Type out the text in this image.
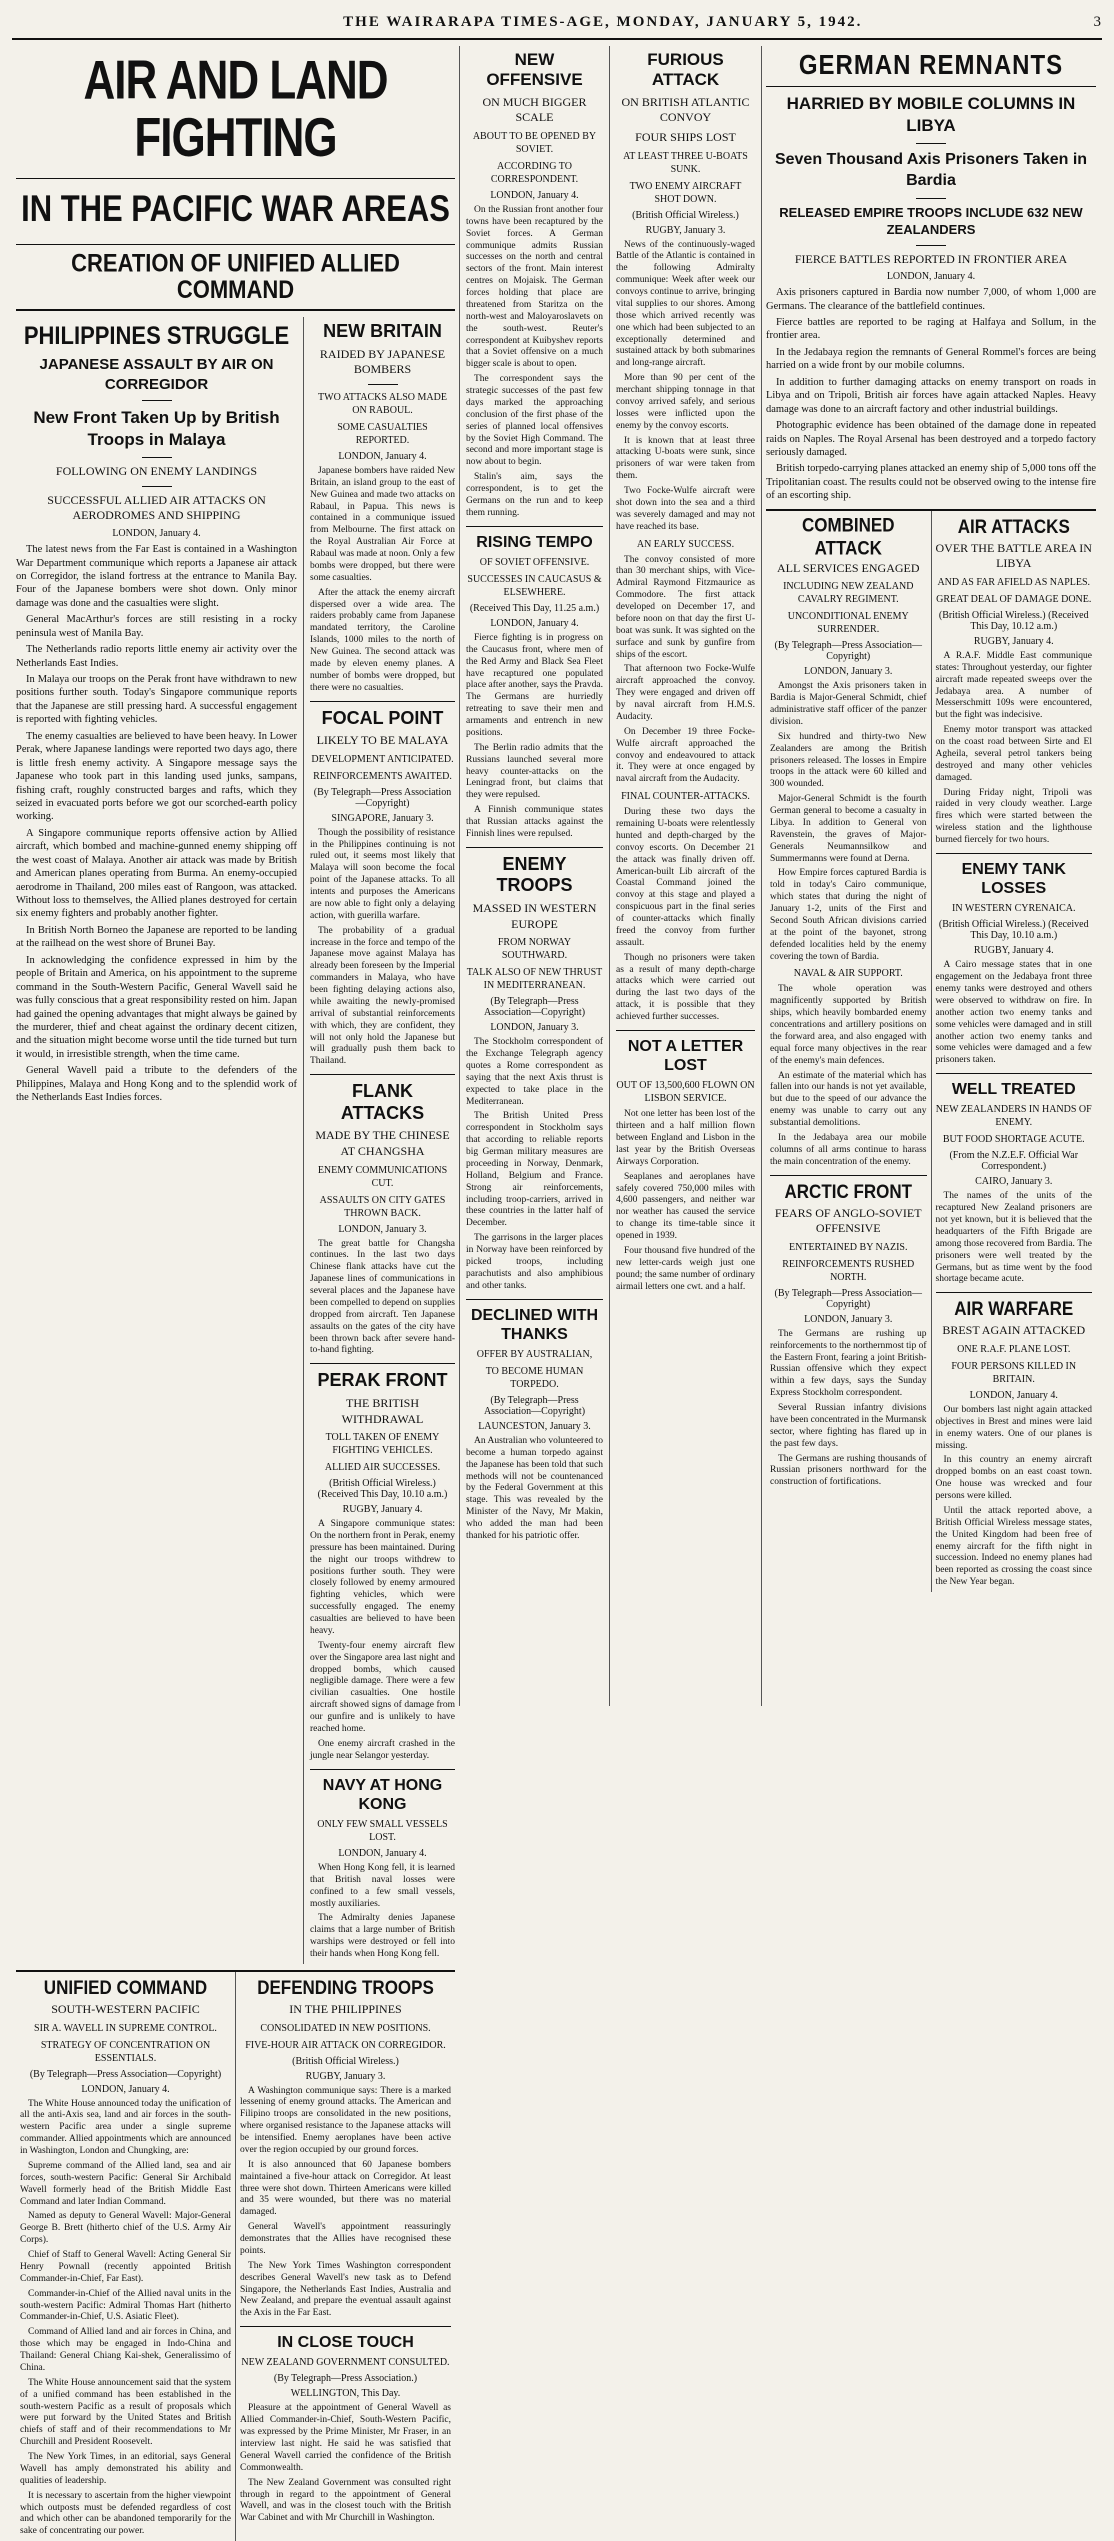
THE WAIRARAPA TIMES-AGE, MONDAY, JANUARY 5, 1942.	3
AIR AND LAND FIGHTING
IN THE PACIFIC WAR AREAS
CREATION OF UNIFIED ALLIED COMMAND
PHILIPPINES STRUGGLE
JAPANESE ASSAULT BY AIR ON CORREGIDOR
New Front Taken Up by British Troops in Malaya
FOLLOWING ON ENEMY LANDINGS
SUCCESSFUL ALLIED AIR ATTACKS ON AERODROMES AND SHIPPING
LONDON, January 4.

The latest news from the Far East is contained in a Washington War Department communique which reports a Japanese air attack on Corregidor, the island fortress at the entrance to Manila Bay. Four of the Japanese bombers were shot down. Only minor damage was done and the casualties were slight.

General MacArthur's forces are still resisting in a rocky peninsula west of Manila Bay.

The Netherlands radio reports little enemy air activity over the Netherlands East Indies.

In Malaya our troops on the Perak front have withdrawn to new positions further south. Today's Singapore communique reports that the Japanese are still pressing hard. A successful engagement is reported with fighting vehicles.

The enemy casualties are believed to have been heavy. In Lower Perak, where Japanese landings were reported two days ago, there is little fresh enemy activity. A Singapore message says the Japanese who took part in this landing used junks, sampans, fishing craft, roughly constructed barges and rafts, which they seized in evacuated ports before we got our scorched-earth policy working.

A Singapore communique reports offensive action by Allied aircraft, which bombed and machine-gunned enemy shipping off the west coast of Malaya. Another air attack was made by British and American planes operating from Burma. An enemy-occupied aerodrome in Thailand, 200 miles east of Rangoon, was attacked. Without loss to themselves, the Allied planes destroyed for certain six enemy fighters and probably another fighter.

In British North Borneo the Japanese are reported to be landing at the railhead on the west shore of Brunei Bay.

In acknowledging the confidence expressed in him by the people of Britain and America, on his appointment to the supreme command in the South-Western Pacific, General Wavell said he was fully conscious that a great responsibility rested on him. Japan had gained the opening advantages that might always be gained by the murderer, thief and cheat against the ordinary decent citizen, and the situation might become worse until the tide turned but turn it would, in irresistible strength, when the time came.

General Wavell paid a tribute to the defenders of the Philippines, Malaya and Hong Kong and to the splendid work of the Netherlands East Indies forces.

NEW BRITAIN
RAIDED BY JAPANESE BOMBERS
TWO ATTACKS ALSO MADE ON RABOUL.
SOME CASUALTIES REPORTED.
LONDON, January 4.

Japanese bombers have raided New Britain, an island group to the east of New Guinea and made two attacks on Rabaul, in Papua. This news is contained in a communique issued from Melbourne. The first attack on the Royal Australian Air Force at Rabaul was made at noon. Only a few bombs were dropped, but there were some casualties.

After the attack the enemy aircraft dispersed over a wide area. The raiders probably came from Japanese mandated territory, the Caroline Islands, 1000 miles to the north of New Guinea. The second attack was made by eleven enemy planes. A number of bombs were dropped, but there were no casualties.

FOCAL POINT
LIKELY TO BE MALAYA
DEVELOPMENT ANTICIPATED.
REINFORCEMENTS AWAITED.
(By Telegraph—Press Association—Copyright)
SINGAPORE, January 3.

Though the possibility of resistance in the Philippines continuing is not ruled out, it seems most likely that Malaya will soon become the focal point of the Japanese attacks. To all intents and purposes the Americans are now able to fight only a delaying action, with guerilla warfare.

The probability of a gradual increase in the force and tempo of the Japanese move against Malaya has already been foreseen by the Imperial commanders in Malaya, who have been fighting delaying actions also, while awaiting the newly-promised arrival of substantial reinforcements with which, they are confident, they will not only hold the Japanese but will gradually push them back to Thailand.

FLANK ATTACKS
MADE BY THE CHINESE AT CHANGSHA
ENEMY COMMUNICATIONS CUT.
ASSAULTS ON CITY GATES THROWN BACK.
LONDON, January 3.

The great battle for Changsha continues. In the last two days Chinese flank attacks have cut the Japanese lines of communications in several places and the Japanese have been compelled to depend on supplies dropped from aircraft. Ten Japanese assaults on the gates of the city have been thrown back after severe hand-to-hand fighting.

PERAK FRONT
THE BRITISH WITHDRAWAL
TOLL TAKEN OF ENEMY FIGHTING VEHICLES.
ALLIED AIR SUCCESSES.
(British Official Wireless.) (Received This Day, 10.10 a.m.)
RUGBY, January 4.

A Singapore communique states: On the northern front in Perak, enemy pressure has been maintained. During the night our troops withdrew to positions further south. They were closely followed by enemy armoured fighting vehicles, which were successfully engaged. The enemy casualties are believed to have been heavy.

Twenty-four enemy aircraft flew over the Singapore area last night and dropped bombs, which caused negligible damage. There were a few civilian casualties. One hostile aircraft showed signs of damage from our gunfire and is unlikely to have reached home.

One enemy aircraft crashed in the jungle near Selangor yesterday.

NAVY AT HONG KONG
ONLY FEW SMALL VESSELS LOST.
LONDON, January 4.

When Hong Kong fell, it is learned that British naval losses were confined to a few small vessels, mostly auxiliaries.

The Admiralty denies Japanese claims that a large number of British warships were destroyed or fell into their hands when Hong Kong fell.

UNIFIED COMMAND
SOUTH-WESTERN PACIFIC
SIR A. WAVELL IN SUPREME CONTROL.
STRATEGY OF CONCENTRATION ON ESSENTIALS.
(By Telegraph—Press Association—Copyright)
LONDON, January 4.

The White House announced today the unification of all the anti-Axis sea, land and air forces in the south-western Pacific area under a single supreme commander. Allied appointments which are announced in Washington, London and Chungking, are:

Supreme command of the Allied land, sea and air forces, south-western Pacific: General Sir Archibald Wavell formerly head of the British Middle East Command and later Indian Command.

Named as deputy to General Wavell: Major-General George B. Brett (hitherto chief of the U.S. Army Air Corps).

Chief of Staff to General Wavell: Acting General Sir Henry Pownall (recently appointed British Commander-in-Chief, Far East).

Commander-in-Chief of the Allied naval units in the south-western Pacific: Admiral Thomas Hart (hitherto Commander-in-Chief, U.S. Asiatic Fleet).

Command of Allied land and air forces in China, and those which may be engaged in Indo-China and Thailand: General Chiang Kai-shek, Generalissimo of China.

The White House announcement said that the system of a unified command has been established in the south-western Pacific as a result of proposals which were put forward by the United States and British chiefs of staff and of their recommendations to Mr Churchill and President Roosevelt.

The New York Times, in an editorial, says General Wavell has amply demonstrated his ability and qualities of leadership.

It is necessary to ascertain from the higher viewpoint which outposts must be defended regardless of cost and which other can be abandoned temporarily for the sake of concentrating our power.

DEFENDING TROOPS
IN THE PHILIPPINES
CONSOLIDATED IN NEW POSITIONS.
FIVE-HOUR AIR ATTACK ON CORREGIDOR.
(British Official Wireless.)
RUGBY, January 3.

A Washington communique says: There is a marked lessening of enemy ground attacks. The American and Filipino troops are consolidated in the new positions, where organised resistance to the Japanese attacks will be intensified. Enemy aeroplanes have been active over the region occupied by our ground forces.

It is also announced that 60 Japanese bombers maintained a five-hour attack on Corregidor. At least three were shot down. Thirteen Americans were killed and 35 were wounded, but there was no material damaged.

General Wavell's appointment reassuringly demonstrates that the Allies have recognised these points.

The New York Times Washington correspondent describes General Wavell's new task as to Defend Singapore, the Netherlands East Indies, Australia and New Zealand, and prepare the eventual assault against the Axis in the Far East.

IN CLOSE TOUCH
NEW ZEALAND GOVERNMENT CONSULTED.
(By Telegraph—Press Association.)
WELLINGTON, This Day.

Pleasure at the appointment of General Wavell as Allied Commander-in-Chief, South-Western Pacific, was expressed by the Prime Minister, Mr Fraser, in an interview last night. He said he was satisfied that General Wavell carried the confidence of the British Commonwealth.

The New Zealand Government was consulted right through in regard to the appointment of General Wavell, and was in the closest touch with the British War Cabinet and with Mr Churchill in Washington.

NEW OFFENSIVE
ON MUCH BIGGER SCALE
ABOUT TO BE OPENED BY SOVIET.
ACCORDING TO CORRESPONDENT.
LONDON, January 4.

On the Russian front another four towns have been recaptured by the Soviet forces. A German communique admits Russian successes on the north and central sectors of the front. Main interest centres on Mojaisk. The German forces holding that place are threatened from Staritza on the north-west and Maloyaroslavets on the south-west. Reuter's correspondent at Kuibyshev reports that a Soviet offensive on a much bigger scale is about to open.

The correspondent says the strategic successes of the past few days marked the approaching conclusion of the first phase of the series of planned local offensives by the Soviet High Command. The second and more important stage is now about to begin.

Stalin's aim, says the correspondent, is to get the Germans on the run and to keep them running.

RISING TEMPO
OF SOVIET OFFENSIVE.
SUCCESSES IN CAUCASUS & ELSEWHERE.
(Received This Day, 11.25 a.m.)
LONDON, January 4.

Fierce fighting is in progress on the Caucasus front, where men of the Red Army and Black Sea Fleet have recaptured one populated place after another, says the Pravda. The Germans are hurriedly retreating to save their men and armaments and entrench in new positions.

The Berlin radio admits that the Russians launched several more heavy counter-attacks on the Leningrad front, but claims that they were repulsed.

A Finnish communique states that Russian attacks against the Finnish lines were repulsed.

ENEMY TROOPS
MASSED IN WESTERN EUROPE
FROM NORWAY SOUTHWARD.
TALK ALSO OF NEW THRUST IN MEDITERRANEAN.
(By Telegraph—Press Association—Copyright)
LONDON, January 3.

The Stockholm correspondent of the Exchange Telegraph agency quotes a Rome correspondent as saying that the next Axis thrust is expected to take place in the Mediterranean.

The British United Press correspondent in Stockholm says that according to reliable reports big German military measures are proceeding in Norway, Denmark, Holland, Belgium and France. Strong air reinforcements, including troop-carriers, arrived in these countries in the latter half of December.

The garrisons in the larger places in Norway have been reinforced by picked troops, including parachutists and also amphibious and other tanks.

DECLINED WITH THANKS
OFFER BY AUSTRALIAN,
TO BECOME HUMAN TORPEDO.
(By Telegraph—Press Association—Copyright)
LAUNCESTON, January 3.

An Australian who volunteered to become a human torpedo against the Japanese has been told that such methods will not be countenanced by the Federal Government at this stage. This was revealed by the Minister of the Navy, Mr Makin, who added the man had been thanked for his patriotic offer.

FURIOUS ATTACK
ON BRITISH ATLANTIC CONVOY
FOUR SHIPS LOST
AT LEAST THREE U-BOATS SUNK.
TWO ENEMY AIRCRAFT SHOT DOWN.
(British Official Wireless.)
RUGBY, January 3.

News of the continuously-waged Battle of the Atlantic is contained in the following Admiralty communique: Week after week our convoys continue to arrive, bringing vital supplies to our shores. Among those which arrived recently was one which had been subjected to an exceptionally determined and sustained attack by both submarines and long-range aircraft.

More than 90 per cent of the merchant shipping tonnage in that convoy arrived safely, and serious losses were inflicted upon the enemy by the convoy escorts.

It is known that at least three attacking U-boats were sunk, since prisoners of war were taken from them.

Two Focke-Wulfe aircraft were shot down into the sea and a third was severely damaged and may not have reached its base.

AN EARLY SUCCESS.

The convoy consisted of more than 30 merchant ships, with Vice-Admiral Raymond Fitzmaurice as Commodore. The first attack developed on December 17, and before noon on that day the first U-boat was sunk. It was sighted on the surface and sunk by gunfire from ships of the escort.

That afternoon two Focke-Wulfe aircraft approached the convoy. They were engaged and driven off by naval aircraft from H.M.S. Audacity.

On December 19 three Focke-Wulfe aircraft approached the convoy and endeavoured to attack it. They were at once engaged by naval aircraft from the Audacity.

FINAL COUNTER-ATTACKS.

During these two days the remaining U-boats were relentlessly hunted and depth-charged by the convoy escorts. On December 21 the attack was finally driven off. American-built Lib aircraft of the Coastal Command joined the convoy at this stage and played a conspicuous part in the final series of counter-attacks which finally freed the convoy from further assault.

Though no prisoners were taken as a result of many depth-charge attacks which were carried out during the last two days of the attack, it is possible that they achieved further successes.

NOT A LETTER LOST
OUT OF 13,500,600 FLOWN ON LISBON SERVICE.

Not one letter has been lost of the thirteen and a half million flown between England and Lisbon in the last year by the British Overseas Airways Corporation.

Seaplanes and aeroplanes have safely covered 750,000 miles with 4,600 passengers, and neither war nor weather has caused the service to change its time-table since it opened in 1939.

Four thousand five hundred of the new letter-cards weigh just one pound; the same number of ordinary airmail letters one cwt. and a half.

GERMAN REMNANTS
HARRIED BY MOBILE COLUMNS IN LIBYA
Seven Thousand Axis Prisoners Taken in Bardia
RELEASED EMPIRE TROOPS INCLUDE 632 NEW ZEALANDERS
FIERCE BATTLES REPORTED IN FRONTIER AREA
LONDON, January 4.

Axis prisoners captured in Bardia now number 7,000, of whom 1,000 are Germans. The clearance of the battlefield continues.

Fierce battles are reported to be raging at Halfaya and Sollum, in the frontier area.

In the Jedabaya region the remnants of General Rommel's forces are being harried on a wide front by our mobile columns.

In addition to further damaging attacks on enemy transport on roads in Libya and on Tripoli, British air forces have again attacked Naples. Heavy damage was done to an aircraft factory and other industrial buildings.

Photographic evidence has been obtained of the damage done in repeated raids on Naples. The Royal Arsenal has been destroyed and a torpedo factory seriously damaged.

British torpedo-carrying planes attacked an enemy ship of 5,000 tons off the Tripolitanian coast. The results could not be observed owing to the intense fire of an escorting ship.

COMBINED ATTACK
ALL SERVICES ENGAGED
INCLUDING NEW ZEALAND CAVALRY REGIMENT.
UNCONDITIONAL ENEMY SURRENDER.
(By Telegraph—Press Association—Copyright)
LONDON, January 3.

Amongst the Axis prisoners taken in Bardia is Major-General Schmidt, chief administrative staff officer of the panzer division.

Six hundred and thirty-two New Zealanders are among the British prisoners released. The losses in Empire troops in the attack were 60 killed and 300 wounded.

Major-General Schmidt is the fourth German general to become a casualty in Libya. In addition to General von Ravenstein, the graves of Major-Generals Neumannsilkow and Summermanns were found at Derna.

How Empire forces captured Bardia is told in today's Cairo communique, which states that during the night of January 1-2, units of the First and Second South African divisions carried at the point of the bayonet, strong defended localities held by the enemy covering the town of Bardia.

NAVAL & AIR SUPPORT.

The whole operation was magnificently supported by British ships, which heavily bombarded enemy concentrations and artillery positions on the forward area, and also engaged with equal force many objectives in the rear of the enemy's main defences.

An estimate of the material which has fallen into our hands is not yet available, but due to the speed of our advance the enemy was unable to carry out any substantial demolitions.

In the Jedabaya area our mobile columns of all arms continue to harass the main concentration of the enemy.

ARCTIC FRONT
FEARS OF ANGLO-SOVIET OFFENSIVE
ENTERTAINED BY NAZIS.
REINFORCEMENTS RUSHED NORTH.
(By Telegraph—Press Association—Copyright)
LONDON, January 3.

The Germans are rushing up reinforcements to the northernmost tip of the Eastern Front, fearing a joint British-Russian offensive which they expect within a few days, says the Sunday Express Stockholm correspondent.

Several Russian infantry divisions have been concentrated in the Murmansk sector, where fighting has flared up in the past few days.

The Germans are rushing thousands of Russian prisoners northward for the construction of fortifications.

AIR ATTACKS
OVER THE BATTLE AREA IN LIBYA
AND AS FAR AFIELD AS NAPLES.
GREAT DEAL OF DAMAGE DONE.
(British Official Wireless.) (Received This Day, 10.12 a.m.)
RUGBY, January 4.

A R.A.F. Middle East communique states: Throughout yesterday, our fighter aircraft made repeated sweeps over the Jedabaya area. A number of Messerschmitt 109s were encountered, but the fight was indecisive.

Enemy motor transport was attacked on the coast road between Sirte and El Agheila, several petrol tankers being destroyed and many other vehicles damaged.

During Friday night, Tripoli was raided in very cloudy weather. Large fires which were started between the wireless station and the lighthouse burned fiercely for two hours.

ENEMY TANK LOSSES
IN WESTERN CYRENAICA.
(British Official Wireless.) (Received This Day, 10.10 a.m.)
RUGBY, January 4.

A Cairo message states that in one engagement on the Jedabaya front three enemy tanks were destroyed and others were observed to withdraw on fire. In another action two enemy tanks and some vehicles were damaged and in still another action two enemy tanks and some vehicles were damaged and a few prisoners taken.

WELL TREATED
NEW ZEALANDERS IN HANDS OF ENEMY.
BUT FOOD SHORTAGE ACUTE.
(From the N.Z.E.F. Official War Correspondent.)
CAIRO, January 3.

The names of the units of the recaptured New Zealand prisoners are not yet known, but it is believed that the headquarters of the Fifth Brigade are among those recovered from Bardia. The prisoners were well treated by the Germans, but as time went by the food shortage became acute.

AIR WARFARE
BREST AGAIN ATTACKED
ONE R.A.F. PLANE LOST.
FOUR PERSONS KILLED IN BRITAIN.
LONDON, January 4.

Our bombers last night again attacked objectives in Brest and mines were laid in enemy waters. One of our planes is missing.

In this country an enemy aircraft dropped bombs on an east coast town. One house was wrecked and four persons were killed.

Until the attack reported above, a British Official Wireless message states, the United Kingdom had been free of enemy aircraft for the fifth night in succession. Indeed no enemy planes had been reported as crossing the coast since the New Year began.
